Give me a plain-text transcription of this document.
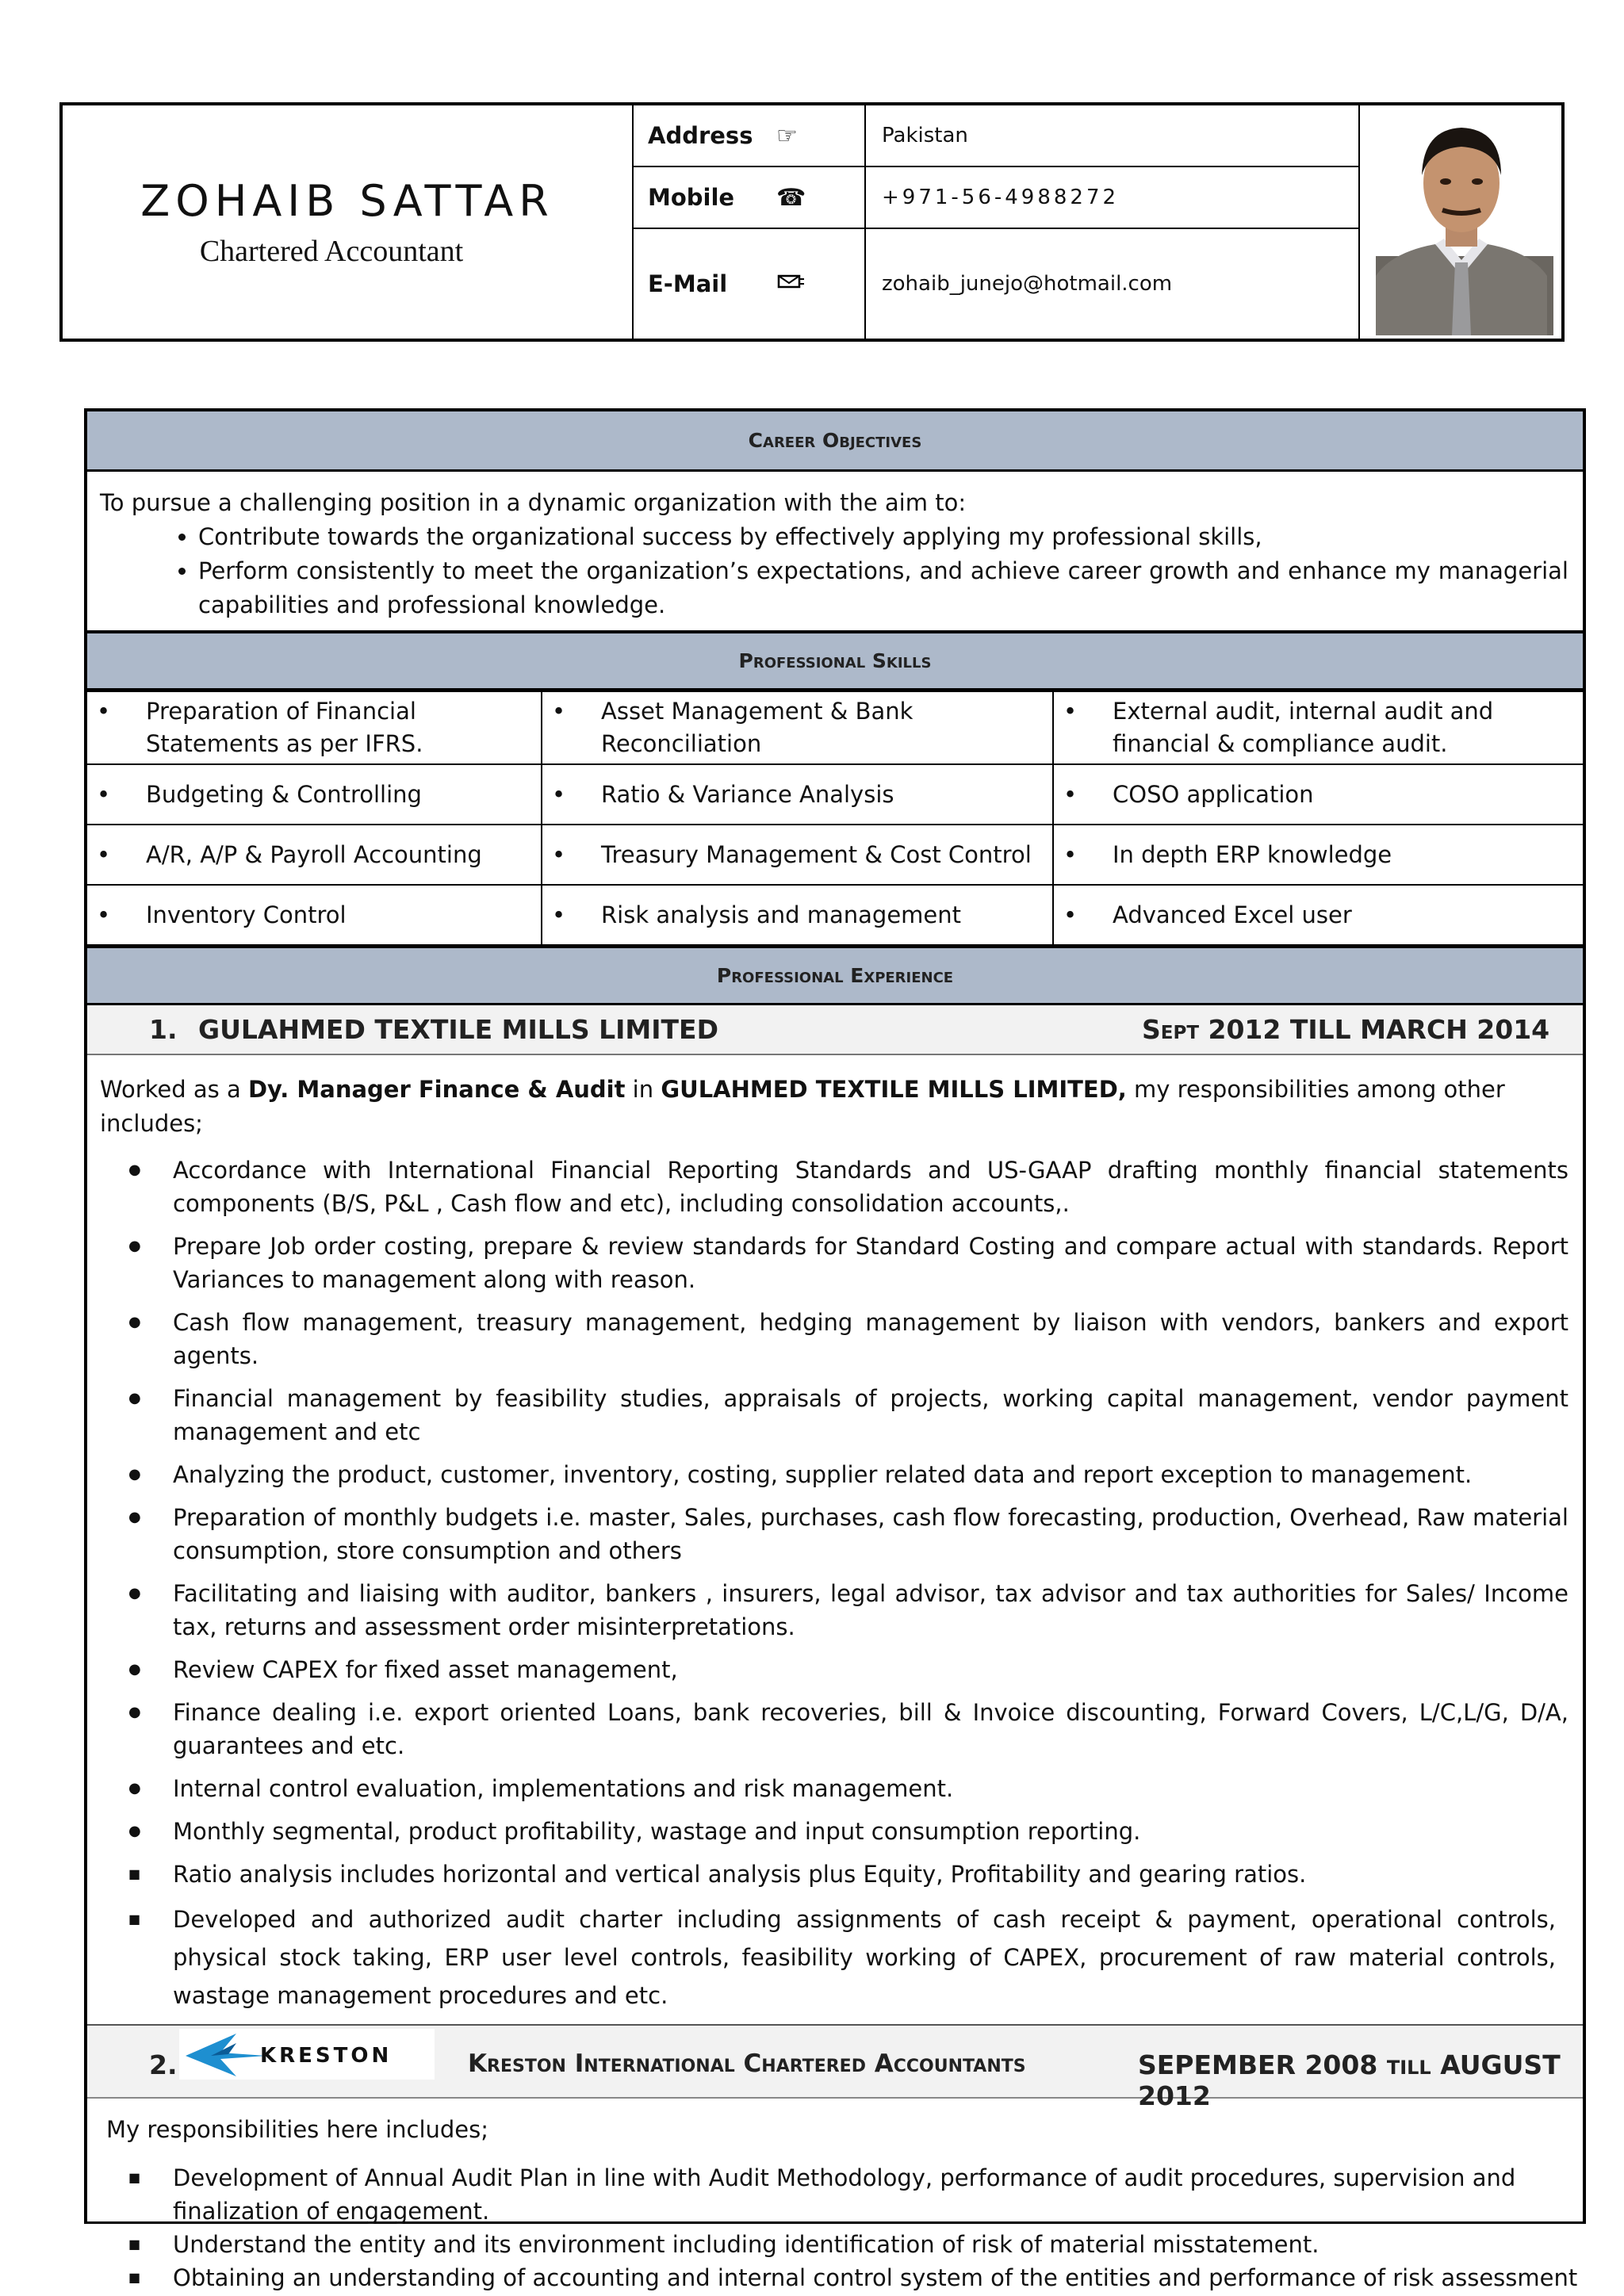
ZOHAIB SATTAR
Chartered Accountant
Address ☞	Pakistan
Mobile ☎	+971-56-4988272
E-Mail	zohaib_junejo@hotmail.com
Career Objectives
To pursue a challenging position in a dynamic organization with the aim to:
• Contribute towards the organizational success by effectively applying my professional skills,
• Perform consistently to meet the organization’s expectations, and achieve career growth and enhance my managerial capabilities and professional knowledge.
Professional Skills
• Preparation of Financial Statements as per IFRS.	• Asset Management & Bank Reconciliation	• External audit, internal audit and financial & compliance audit.

• Budgeting & Controlling	• Ratio & Variance Analysis	• COSO application

• A/R, A/P & Payroll Accounting	• Treasury Management & Cost Control	• In depth ERP knowledge

• Inventory Control	• Risk analysis and management	• Advanced Excel user
Professional Experience
1. GULAHMED TEXTILE MILLS LIMITED	Sept 2012 TILL MARCH 2014
Worked as a Dy. Manager Finance & Audit in GULAHMED TEXTILE MILLS LIMITED, my responsibilities among other includes;
● Accordance with International Financial Reporting Standards and US-GAAP drafting monthly financial statements components (B/S, P&L , Cash flow and etc), including consolidation accounts,.
● Prepare Job order costing, prepare & review standards for Standard Costing and compare actual with standards. Report Variances to management along with reason.
● Cash flow management, treasury management, hedging management by liaison with vendors, bankers and export agents.
● Financial management by feasibility studies, appraisals of projects, working capital management, vendor payment management and etc
● Analyzing the product, customer, inventory, costing, supplier related data and report exception to management.
● Preparation of monthly budgets i.e. master, Sales, purchases, cash flow forecasting, production, Overhead, Raw material consumption, store consumption and others
● Facilitating and liaising with auditor, bankers , insurers, legal advisor, tax advisor and tax authorities for Sales/ Income tax, returns and assessment order misinterpretations.
● Review CAPEX for fixed asset management,
● Finance dealing i.e. export oriented Loans, bank recoveries, bill & Invoice discounting, Forward Covers, L/C,L/G, D/A, guarantees and etc.
● Internal control evaluation, implementations and risk management.
● Monthly segmental, product profitability, wastage and input consumption reporting.
■ Ratio analysis includes horizontal and vertical analysis plus Equity, Profitability and gearing ratios.
■ Developed and authorized audit charter including assignments of cash receipt & payment, operational controls, physical stock taking, ERP user level controls, feasibility working of CAPEX, procurement of raw material controls, wastage management procedures and etc.
2.	KRESTON	Kreston International Chartered Accountants	SEPEMBER 2008 TILL AUGUST 2012
My responsibilities here includes;
■ Development of Annual Audit Plan in line with Audit Methodology, performance of audit procedures, supervision and finalization of engagement.
■ Understand the entity and its environment including identification of risk of material misstatement.
■ Obtaining an understanding of accounting and internal control system of the entities and performance of risk assessment
